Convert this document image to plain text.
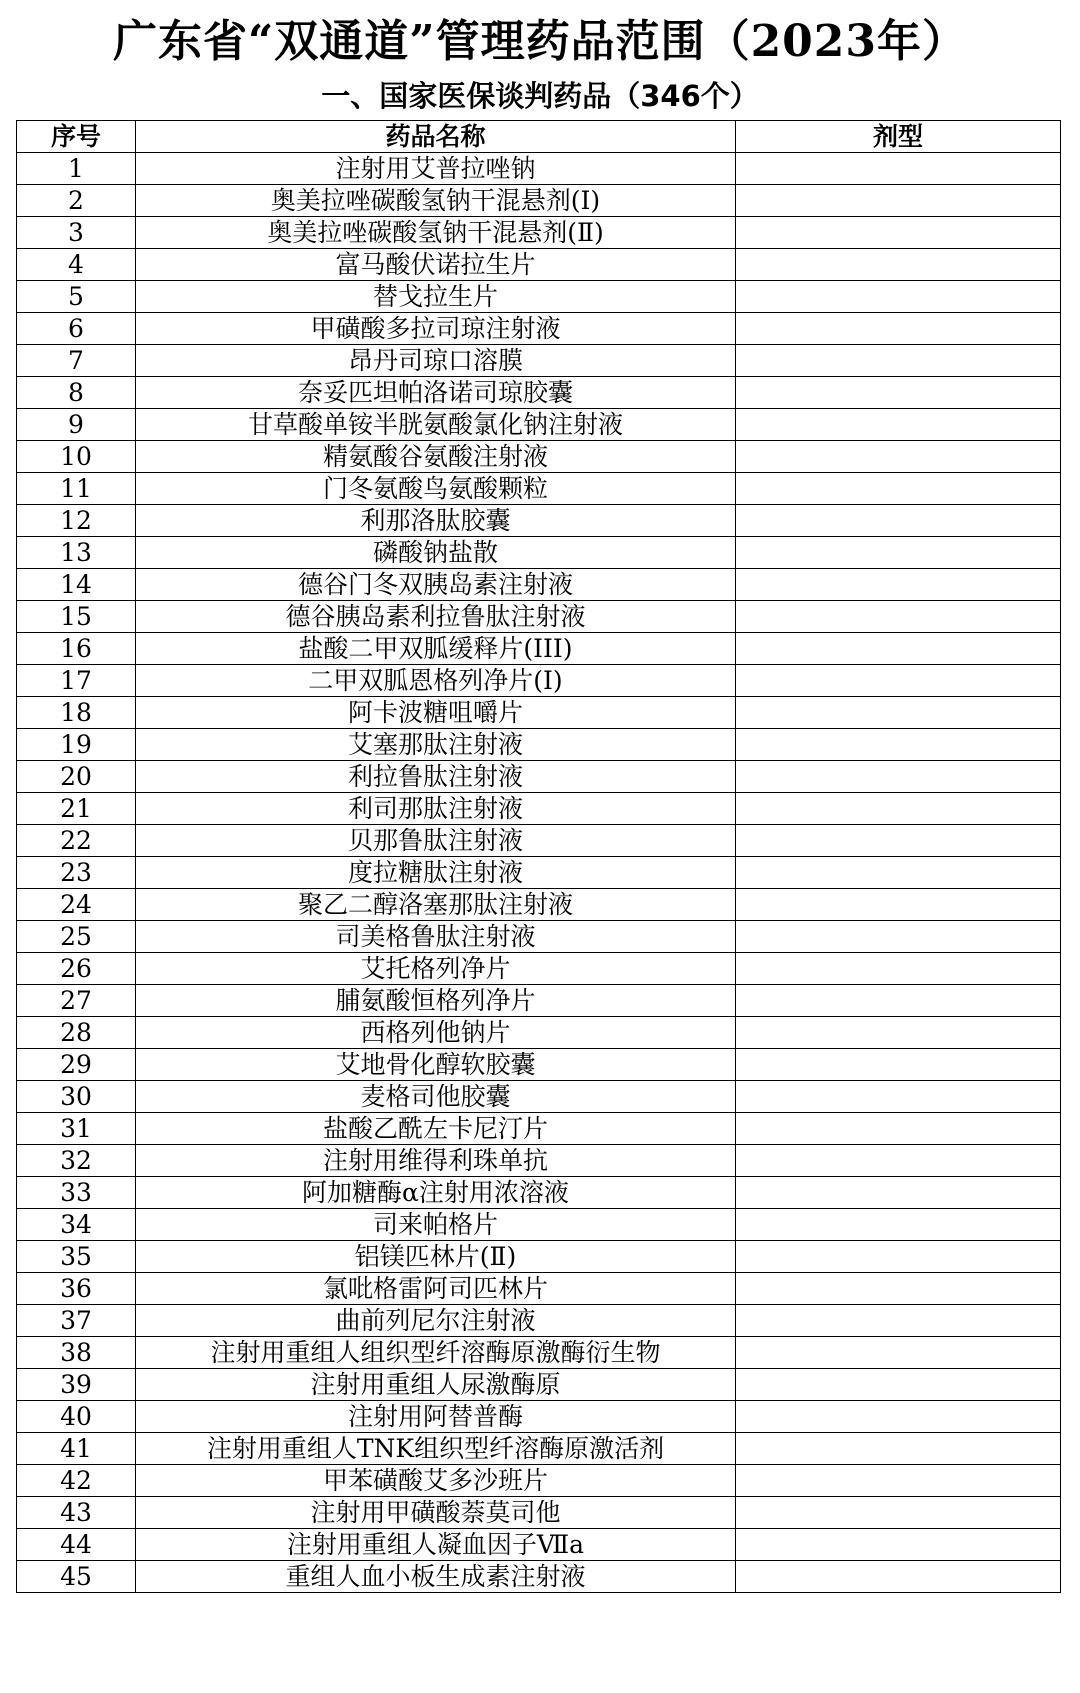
广东省“双通道”管理药品范围（2023年）
一、国家医保谈判药品（346个）
序号	药品名称	剂型
1	注射用艾普拉唑钠	
2	奥美拉唑碳酸氢钠干混悬剂(I)	
3	奥美拉唑碳酸氢钠干混悬剂(Ⅱ)	
4	富马酸伏诺拉生片	
5	替戈拉生片	
6	甲磺酸多拉司琼注射液	
7	昂丹司琼口溶膜	
8	奈妥匹坦帕洛诺司琼胶囊	
9	甘草酸单铵半胱氨酸氯化钠注射液	
10	精氨酸谷氨酸注射液	
11	门冬氨酸鸟氨酸颗粒	
12	利那洛肽胶囊	
13	磷酸钠盐散	
14	德谷门冬双胰岛素注射液	
15	德谷胰岛素利拉鲁肽注射液	
16	盐酸二甲双胍缓释片(III)	
17	二甲双胍恩格列净片(Ⅰ)	
18	阿卡波糖咀嚼片	
19	艾塞那肽注射液	
20	利拉鲁肽注射液	
21	利司那肽注射液	
22	贝那鲁肽注射液	
23	度拉糖肽注射液	
24	聚乙二醇洛塞那肽注射液	
25	司美格鲁肽注射液	
26	艾托格列净片	
27	脯氨酸恒格列净片	
28	西格列他钠片	
29	艾地骨化醇软胶囊	
30	麦格司他胶囊	
31	盐酸乙酰左卡尼汀片	
32	注射用维得利珠单抗	
33	阿加糖酶α注射用浓溶液	
34	司来帕格片	
35	铝镁匹林片(Ⅱ)	
36	氯吡格雷阿司匹林片	
37	曲前列尼尔注射液	
38	注射用重组人组织型纤溶酶原激酶衍生物	
39	注射用重组人尿激酶原	
40	注射用阿替普酶	
41	注射用重组人TNK组织型纤溶酶原激活剂	
42	甲苯磺酸艾多沙班片	
43	注射用甲磺酸萘莫司他	
44	注射用重组人凝血因子Ⅶa	
45	重组人血小板生成素注射液	
